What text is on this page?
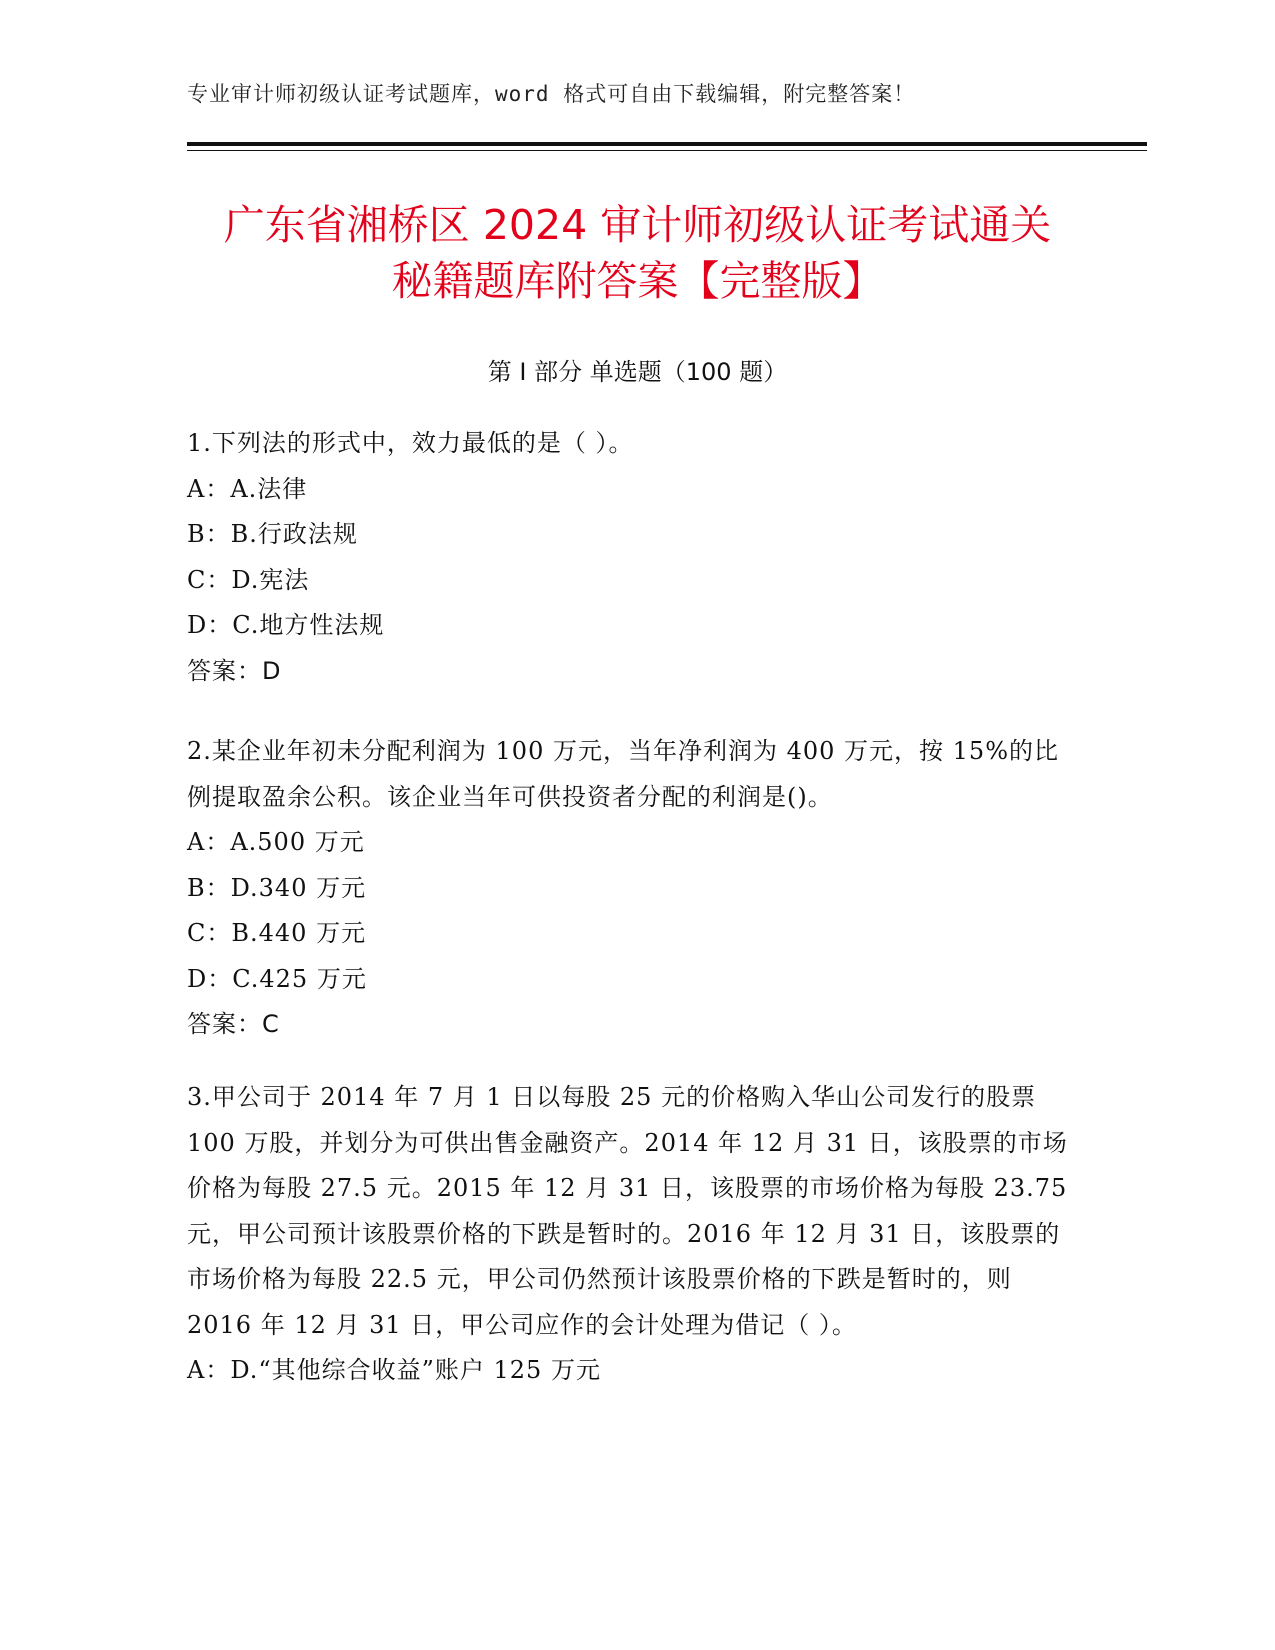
专业审计师初级认证考试题库，word 格式可自由下载编辑，附完整答案！
广东省湘桥区 2024 审计师初级认证考试通关
秘籍题库附答案【完整版】
第 I 部分 单选题（100 题）
1.下列法的形式中，效力最低的是（ ）。
A：A.法律
B：B.行政法规
C：D.宪法
D：C.地方性法规
答案：D
2.某企业年初未分配利润为 100 万元，当年净利润为 400 万元，按 15%的比例提取盈余公积。该企业当年可供投资者分配的利润是()。
A：A.500 万元
B：D.340 万元
C：B.440 万元
D：C.425 万元
答案：C
3.甲公司于 2014 年 7 月 1 日以每股 25 元的价格购入华山公司发行的股票 100 万股，并划分为可供出售金融资产。2014 年 12 月 31 日，该股票的市场价格为每股 27.5 元。2015 年 12 月 31 日，该股票的市场价格为每股 23.75 元，甲公司预计该股票价格的下跌是暂时的。2016 年 12 月 31 日，该股票的市场价格为每股 22.5 元，甲公司仍然预计该股票价格的下跌是暂时的，则 2016 年 12 月 31 日，甲公司应作的会计处理为借记（ ）。
A：D.“其他综合收益”账户 125 万元
